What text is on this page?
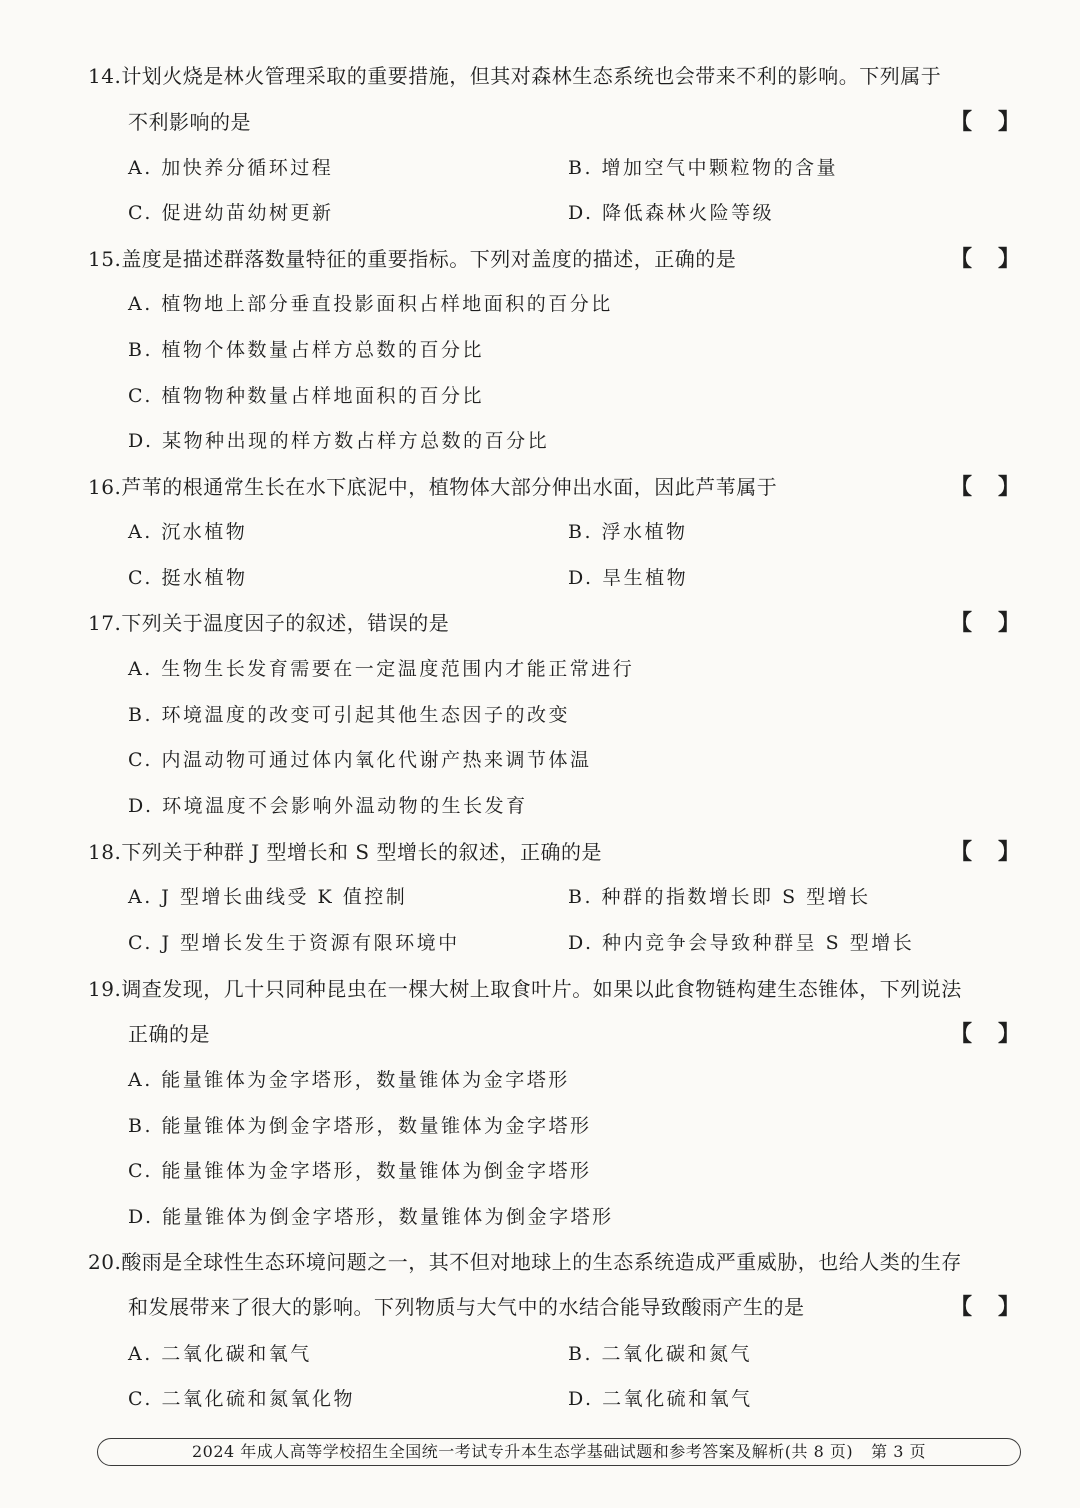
14.计划火烧是林火管理采取的重要措施，但其对森林生态系统也会带来不利的影响。下列属于
不利影响的是	【 】
A. 加快养分循环过程	B. 增加空气中颗粒物的含量
C. 促进幼苗幼树更新	D. 降低森林火险等级
15.盖度是描述群落数量特征的重要指标。下列对盖度的描述，正确的是	【 】
A. 植物地上部分垂直投影面积占样地面积的百分比
B. 植物个体数量占样方总数的百分比
C. 植物物种数量占样地面积的百分比
D. 某物种出现的样方数占样方总数的百分比
16.芦苇的根通常生长在水下底泥中，植物体大部分伸出水面，因此芦苇属于	【 】
A. 沉水植物	B. 浮水植物
C. 挺水植物	D. 旱生植物
17.下列关于温度因子的叙述，错误的是	【 】
A. 生物生长发育需要在一定温度范围内才能正常进行
B. 环境温度的改变可引起其他生态因子的改变
C. 内温动物可通过体内氧化代谢产热来调节体温
D. 环境温度不会影响外温动物的生长发育
18.下列关于种群 J 型增长和 S 型增长的叙述，正确的是	【 】
A. J 型增长曲线受 K 值控制	B. 种群的指数增长即 S 型增长
C. J 型增长发生于资源有限环境中	D. 种内竞争会导致种群呈 S 型增长
19.调查发现，几十只同种昆虫在一棵大树上取食叶片。如果以此食物链构建生态锥体，下列说法
正确的是	【 】
A. 能量锥体为金字塔形，数量锥体为金字塔形
B. 能量锥体为倒金字塔形，数量锥体为金字塔形
C. 能量锥体为金字塔形，数量锥体为倒金字塔形
D. 能量锥体为倒金字塔形，数量锥体为倒金字塔形
20.酸雨是全球性生态环境问题之一，其不但对地球上的生态系统造成严重威胁，也给人类的生存
和发展带来了很大的影响。下列物质与大气中的水结合能导致酸雨产生的是	【 】
A. 二氧化碳和氧气	B. 二氧化碳和氮气
C. 二氧化硫和氮氧化物	D. 二氧化硫和氧气
2024 年成人高等学校招生全国统一考试专升本生态学基础试题和参考答案及解析(共 8 页) 第 3 页
